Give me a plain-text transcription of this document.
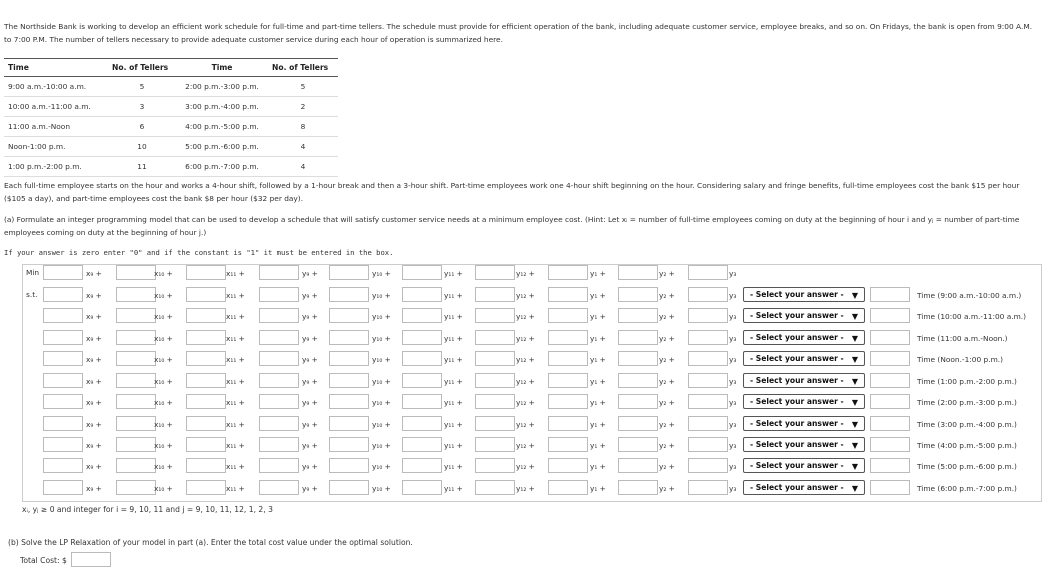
The Northside Bank is working to develop an efficient work schedule for full-time and part-time tellers. The schedule must provide for efficient operation of the bank, including adequate customer service, employee breaks, and so on. On Fridays, the bank is open from 9:00 A.M. to 7:00 P.M. The number of tellers necessary to provide adequate customer service during each hour of operation is summarized here.
Time	No. of Tellers	Time	No. of Tellers
9:00 a.m.-10:00 a.m.	5	2:00 p.m.-3:00 p.m.	5
10:00 a.m.-11:00 a.m.	3	3:00 p.m.-4:00 p.m.	2
11:00 a.m.-Noon	6	4:00 p.m.-5:00 p.m.	8
Noon-1:00 p.m.	10	5:00 p.m.-6:00 p.m.	4
1:00 p.m.-2:00 p.m.	11	6:00 p.m.-7:00 p.m.	4
Each full-time employee starts on the hour and works a 4-hour shift, followed by a 1-hour break and then a 3-hour shift. Part-time employees work one 4-hour shift beginning on the hour. Considering salary and fringe benefits, full-time employees cost the bank $15 per hour ($105 a day), and part-time employees cost the bank $8 per hour ($32 per day).
(a) Formulate an integer programming model that can be used to develop a schedule that will satisfy customer service needs at a minimum employee cost. (Hint: Let xᵢ = number of full-time employees coming on duty at the beginning of hour i and yⱼ = number of part-time employees coming on duty at the beginning of hour j.)
If your answer is zero enter "0" and if the constant is "1" it must be entered in the box.
Min
s.t.
x₉ +	x₁₀ +	x₁₁ +	y₉ +	y₁₀ +	y₁₁ +	y₁₂ +	y₁ +	y₂ +	y₃
x₉ +	x₁₀ +	x₁₁ +	y₉ +	y₁₀ +	y₁₁ +	y₁₂ +	y₁ +	y₂ +	y₃	- Select your answer - ▼	Time (9:00 a.m.-10:00 a.m.)
x₉ +	x₁₀ +	x₁₁ +	y₉ +	y₁₀ +	y₁₁ +	y₁₂ +	y₁ +	y₂ +	y₃	- Select your answer - ▼	Time (10:00 a.m.-11:00 a.m.)
x₉ +	x₁₀ +	x₁₁ +	y₉ +	y₁₀ +	y₁₁ +	y₁₂ +	y₁ +	y₂ +	y₃	- Select your answer - ▼	Time (11:00 a.m.-Noon.)
x₉ +	x₁₀ +	x₁₁ +	y₉ +	y₁₀ +	y₁₁ +	y₁₂ +	y₁ +	y₂ +	y₃	- Select your answer - ▼	Time (Noon.-1:00 p.m.)
x₉ +	x₁₀ +	x₁₁ +	y₉ +	y₁₀ +	y₁₁ +	y₁₂ +	y₁ +	y₂ +	y₃	- Select your answer - ▼	Time (1:00 p.m.-2:00 p.m.)
x₉ +	x₁₀ +	x₁₁ +	y₉ +	y₁₀ +	y₁₁ +	y₁₂ +	y₁ +	y₂ +	y₃	- Select your answer - ▼	Time (2:00 p.m.-3:00 p.m.)
x₉ +	x₁₀ +	x₁₁ +	y₉ +	y₁₀ +	y₁₁ +	y₁₂ +	y₁ +	y₂ +	y₃	- Select your answer - ▼	Time (3:00 p.m.-4:00 p.m.)
x₉ +	x₁₀ +	x₁₁ +	y₉ +	y₁₀ +	y₁₁ +	y₁₂ +	y₁ +	y₂ +	y₃	- Select your answer - ▼	Time (4:00 p.m.-5:00 p.m.)
x₉ +	x₁₀ +	x₁₁ +	y₉ +	y₁₀ +	y₁₁ +	y₁₂ +	y₁ +	y₂ +	y₃	- Select your answer - ▼	Time (5:00 p.m.-6:00 p.m.)
x₉ +	x₁₀ +	x₁₁ +	y₉ +	y₁₀ +	y₁₁ +	y₁₂ +	y₁ +	y₂ +	y₃	- Select your answer - ▼	Time (6:00 p.m.-7:00 p.m.)
xᵢ, yⱼ ≥ 0 and integer for i = 9, 10, 11 and j = 9, 10, 11, 12, 1, 2, 3
(b) Solve the LP Relaxation of your model in part (a). Enter the total cost value under the optimal solution.
Total Cost: $
